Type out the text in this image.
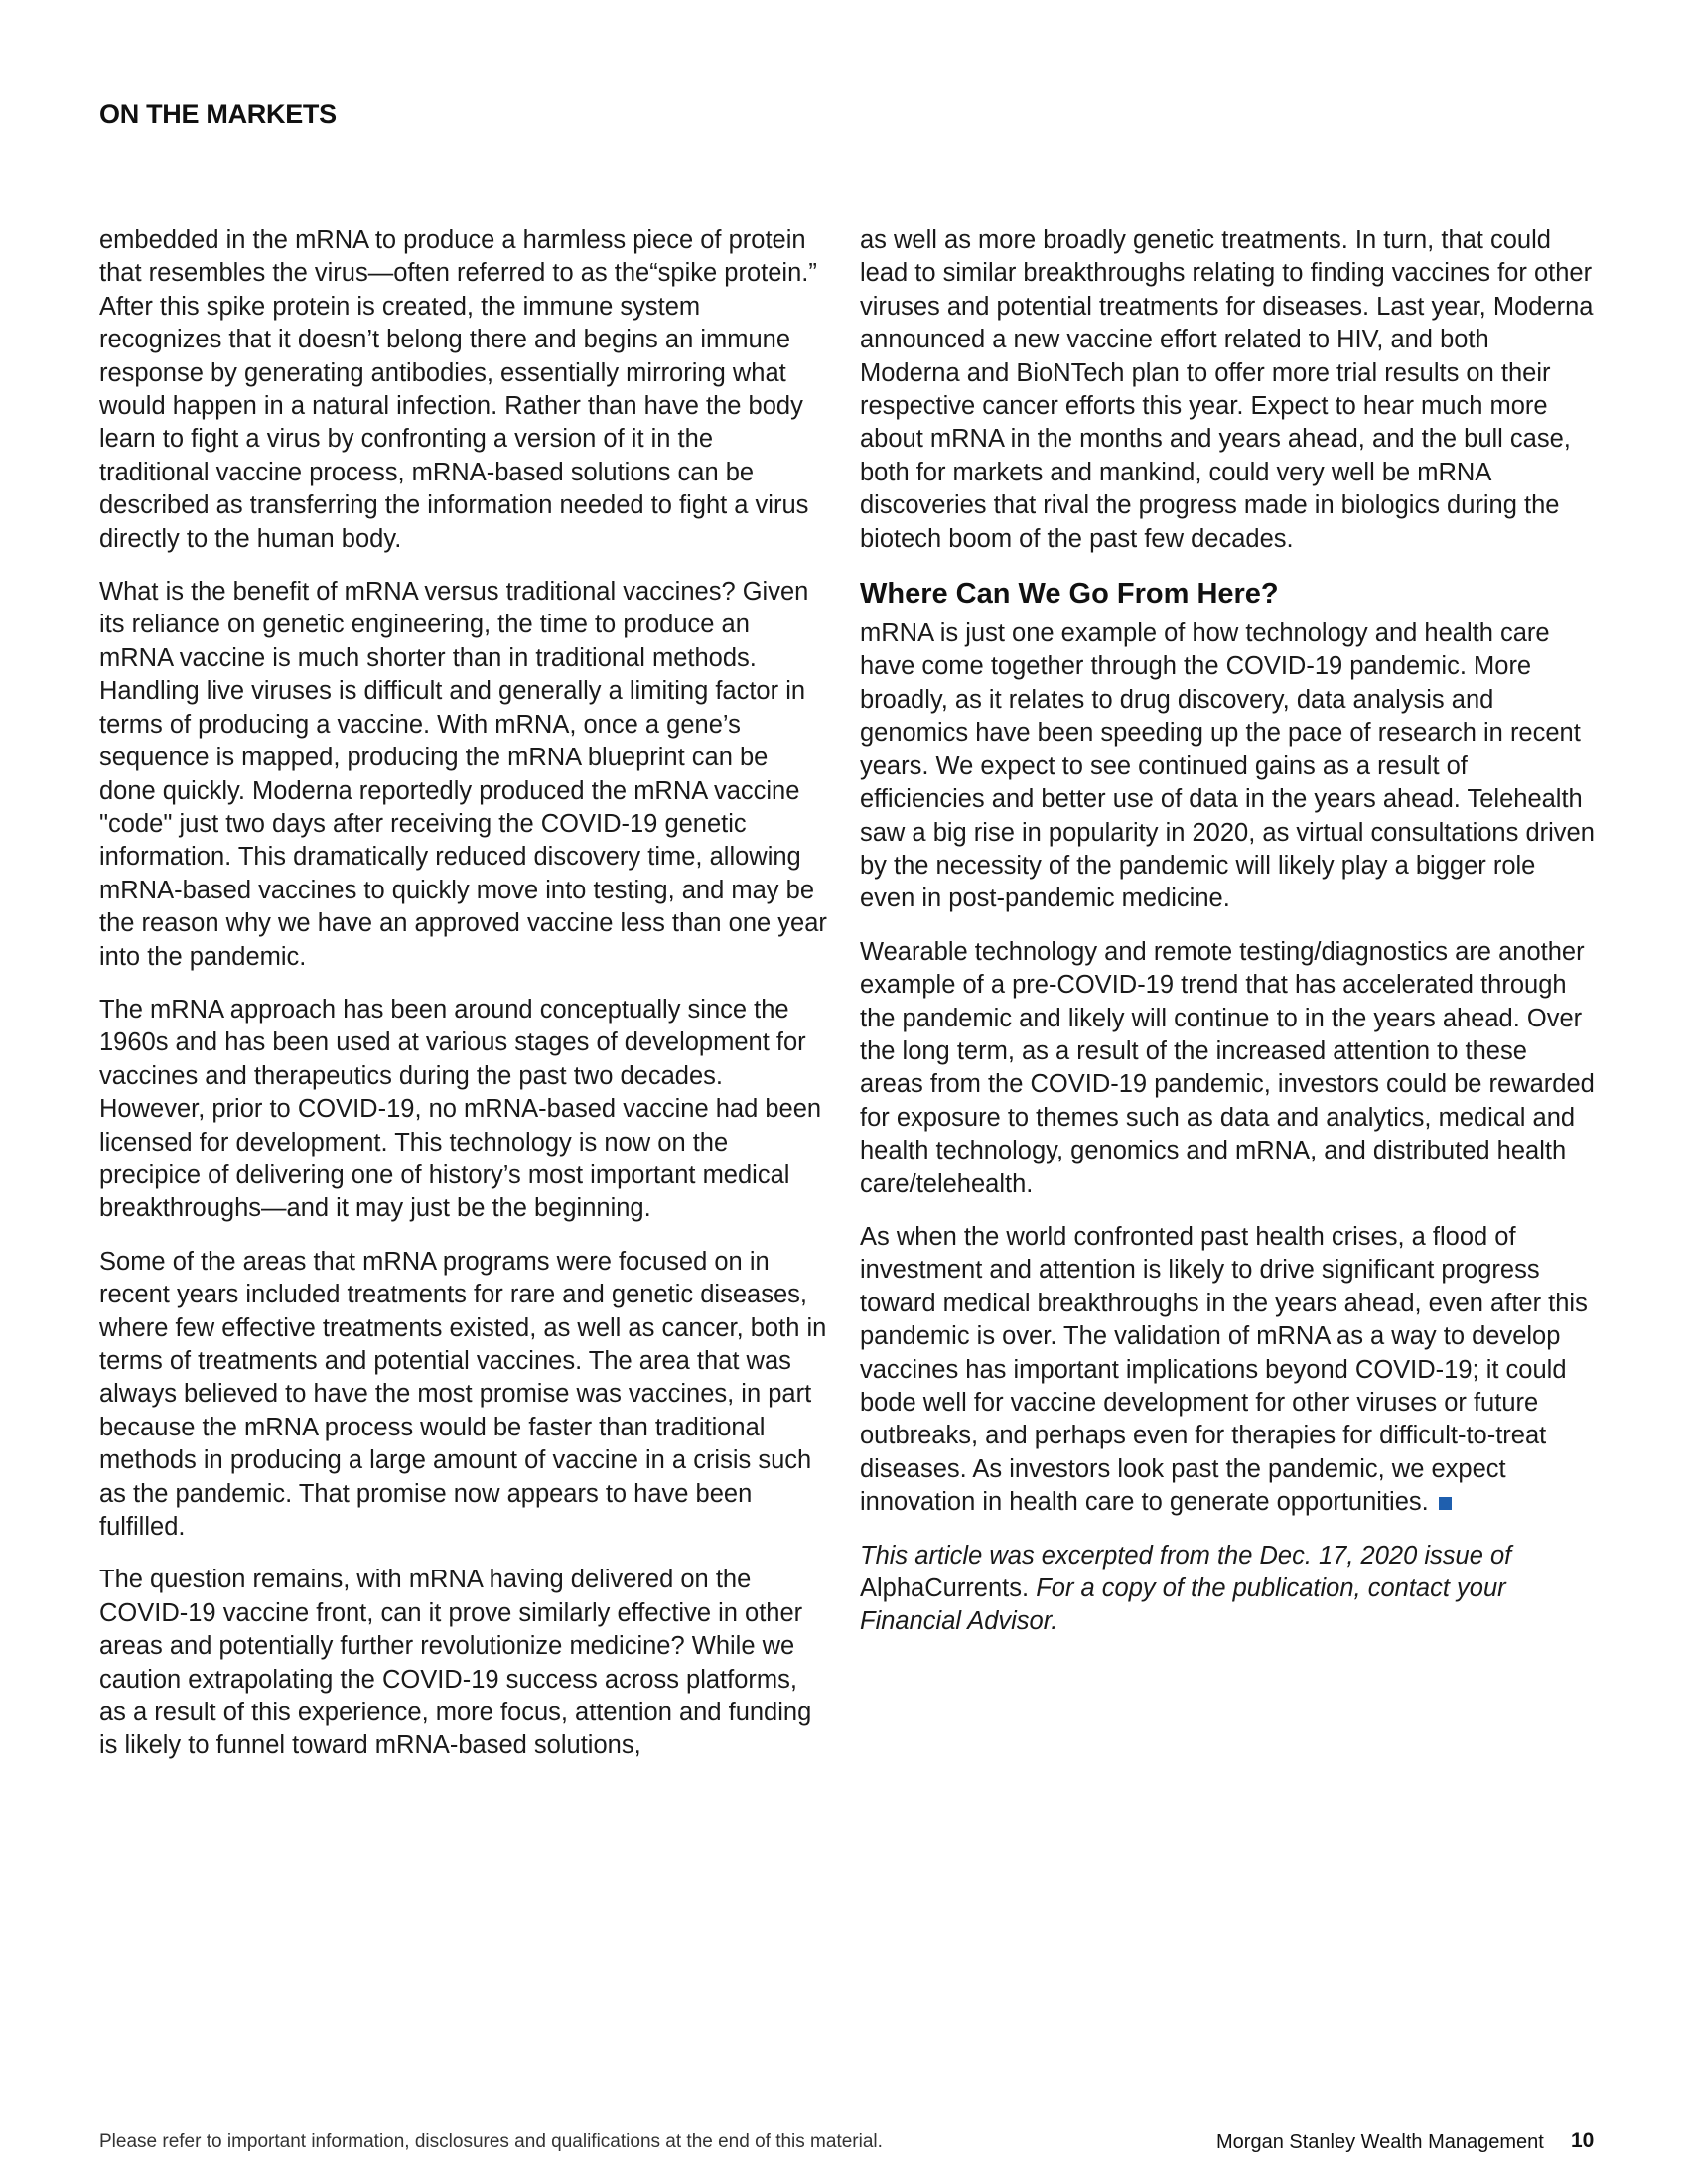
ON THE MARKETS

embedded in the mRNA to produce a harmless piece of protein that resembles the virus—often referred to as the“spike protein.” After this spike protein is created, the immune system recognizes that it doesn’t belong there and begins an immune response by generating antibodies, essentially mirroring what would happen in a natural infection. Rather than have the body learn to fight a virus by confronting a version of it in the traditional vaccine process, mRNA-based solutions can be described as transferring the information needed to fight a virus directly to the human body.

What is the benefit of mRNA versus traditional vaccines? Given its reliance on genetic engineering, the time to produce an mRNA vaccine is much shorter than in traditional methods. Handling live viruses is difficult and generally a limiting factor in terms of producing a vaccine. With mRNA, once a gene’s sequence is mapped, producing the mRNA blueprint can be done quickly. Moderna reportedly produced the mRNA vaccine "code" just two days after receiving the COVID-19 genetic information. This dramatically reduced discovery time, allowing mRNA-based vaccines to quickly move into testing, and may be the reason why we have an approved vaccine less than one year into the pandemic.

The mRNA approach has been around conceptually since the 1960s and has been used at various stages of development for vaccines and therapeutics during the past two decades. However, prior to COVID-19, no mRNA-based vaccine had been licensed for development. This technology is now on the precipice of delivering one of history’s most important medical breakthroughs—and it may just be the beginning.

Some of the areas that mRNA programs were focused on in recent years included treatments for rare and genetic diseases, where few effective treatments existed, as well as cancer, both in terms of treatments and potential vaccines. The area that was always believed to have the most promise was vaccines, in part because the mRNA process would be faster than traditional methods in producing a large amount of vaccine in a crisis such as the pandemic. That promise now appears to have been fulfilled.

The question remains, with mRNA having delivered on the COVID-19 vaccine front, can it prove similarly effective in other areas and potentially further revolutionize medicine? While we caution extrapolating the COVID-19 success across platforms, as a result of this experience, more focus, attention and funding is likely to funnel toward mRNA-based solutions,

as well as more broadly genetic treatments. In turn, that could lead to similar breakthroughs relating to finding vaccines for other viruses and potential treatments for diseases. Last year, Moderna announced a new vaccine effort related to HIV, and both Moderna and BioNTech plan to offer more trial results on their respective cancer efforts this year. Expect to hear much more about mRNA in the months and years ahead, and the bull case, both for markets and mankind, could very well be mRNA discoveries that rival the progress made in biologics during the biotech boom of the past few decades.

Where Can We Go From Here?

mRNA is just one example of how technology and health care have come together through the COVID-19 pandemic. More broadly, as it relates to drug discovery, data analysis and genomics have been speeding up the pace of research in recent years. We expect to see continued gains as a result of efficiencies and better use of data in the years ahead. Telehealth saw a big rise in popularity in 2020, as virtual consultations driven by the necessity of the pandemic will likely play a bigger role even in post-pandemic medicine.

Wearable technology and remote testing/diagnostics are another example of a pre-COVID-19 trend that has accelerated through the pandemic and likely will continue to in the years ahead. Over the long term, as a result of the increased attention to these areas from the COVID-19 pandemic, investors could be rewarded for exposure to themes such as data and analytics, medical and health technology, genomics and mRNA, and distributed health care/telehealth.

As when the world confronted past health crises, a flood of investment and attention is likely to drive significant progress toward medical breakthroughs in the years ahead, even after this pandemic is over. The validation of mRNA as a way to develop vaccines has important implications beyond COVID-19; it could bode well for vaccine development for other viruses or future outbreaks, and perhaps even for therapies for difficult-to-treat diseases. As investors look past the pandemic, we expect innovation in health care to generate opportunities.

This article was excerpted from the Dec. 17, 2020 issue of
AlphaCurrents. For a copy of the publication, contact your Financial Advisor.

Please refer to important information, disclosures and qualifications at the end of this material.	Morgan Stanley Wealth Management 10
